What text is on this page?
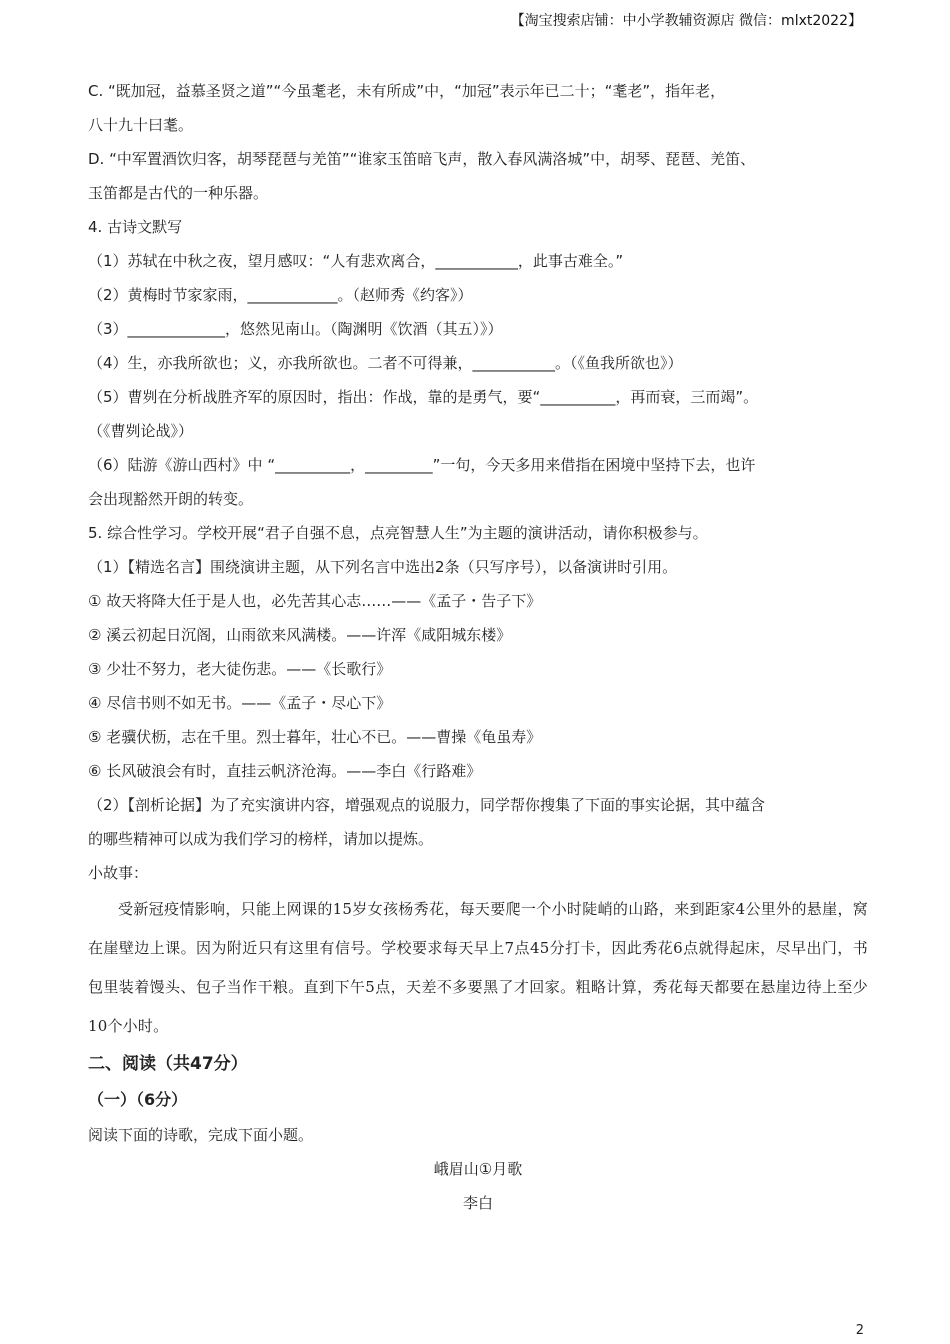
【淘宝搜索店铺：中小学教辅资源店 微信：mlxt2022】
C. “既加冠，益慕圣贤之道”“今虽耄老，未有所成”中，“加冠”表示年已二十；“耄老”，指年老，
八十九十曰耄。
D. “中军置酒饮归客，胡琴琵琶与羌笛”“谁家玉笛暗飞声，散入春风满洛城”中，胡琴、琵琶、羌笛、
玉笛都是古代的一种乐器。
4. 古诗文默写
（1）苏轼在中秋之夜，望月感叹：“人有悲欢离合，___________，此事古难全。”
（2）黄梅时节家家雨，____________。（赵师秀《约客》）
（3）_____________，悠然见南山。（陶渊明《饮酒（其五）》）
（4）生，亦我所欲也；义，亦我所欲也。二者不可得兼，___________。（《鱼我所欲也》）
（5）曹刿在分析战胜齐军的原因时，指出：作战，靠的是勇气，要“__________，再而衰，三而竭”。
（《曹刿论战》）
（6）陆游《游山西村》中 “__________，_________”一句，今天多用来借指在困境中坚持下去，也许
会出现豁然开朗的转变。
5. 综合性学习。学校开展“君子自强不息，点亮智慧人生”为主题的演讲活动，请你积极参与。
（1）【精选名言】围绕演讲主题，从下列名言中选出2条（只写序号），以备演讲时引用。
① 故天将降大任于是人也，必先苦其心志……——《孟子・告子下》
② 溪云初起日沉阁，山雨欲来风满楼。——许浑《咸阳城东楼》
③ 少壮不努力，老大徒伤悲。——《长歌行》
④ 尽信书则不如无书。——《孟子・尽心下》
⑤ 老骥伏枥，志在千里。烈士暮年，壮心不已。——曹操《龟虽寿》
⑥ 长风破浪会有时，直挂云帆济沧海。——李白《行路难》
（2）【剖析论据】为了充实演讲内容，增强观点的说服力，同学帮你搜集了下面的事实论据，其中蕴含
的哪些精神可以成为我们学习的榜样，请加以提炼。
小故事：
受新冠疫情影响，只能上网课的15岁女孩杨秀花，每天要爬一个小时陡峭的山路，来到距家4公里外的悬崖，窝在崖壁边上课。因为附近只有这里有信号。学校要求每天早上7点45分打卡，因此秀花6点就得起床，尽早出门，书包里装着馒头、包子当作干粮。直到下午5点，天差不多要黑了才回家。粗略计算，秀花每天都要在悬崖边待上至少10个小时。
二、阅读（共47分）
（一）（6分）
阅读下面的诗歌，完成下面小题。
峨眉山①月歌
李白
2
